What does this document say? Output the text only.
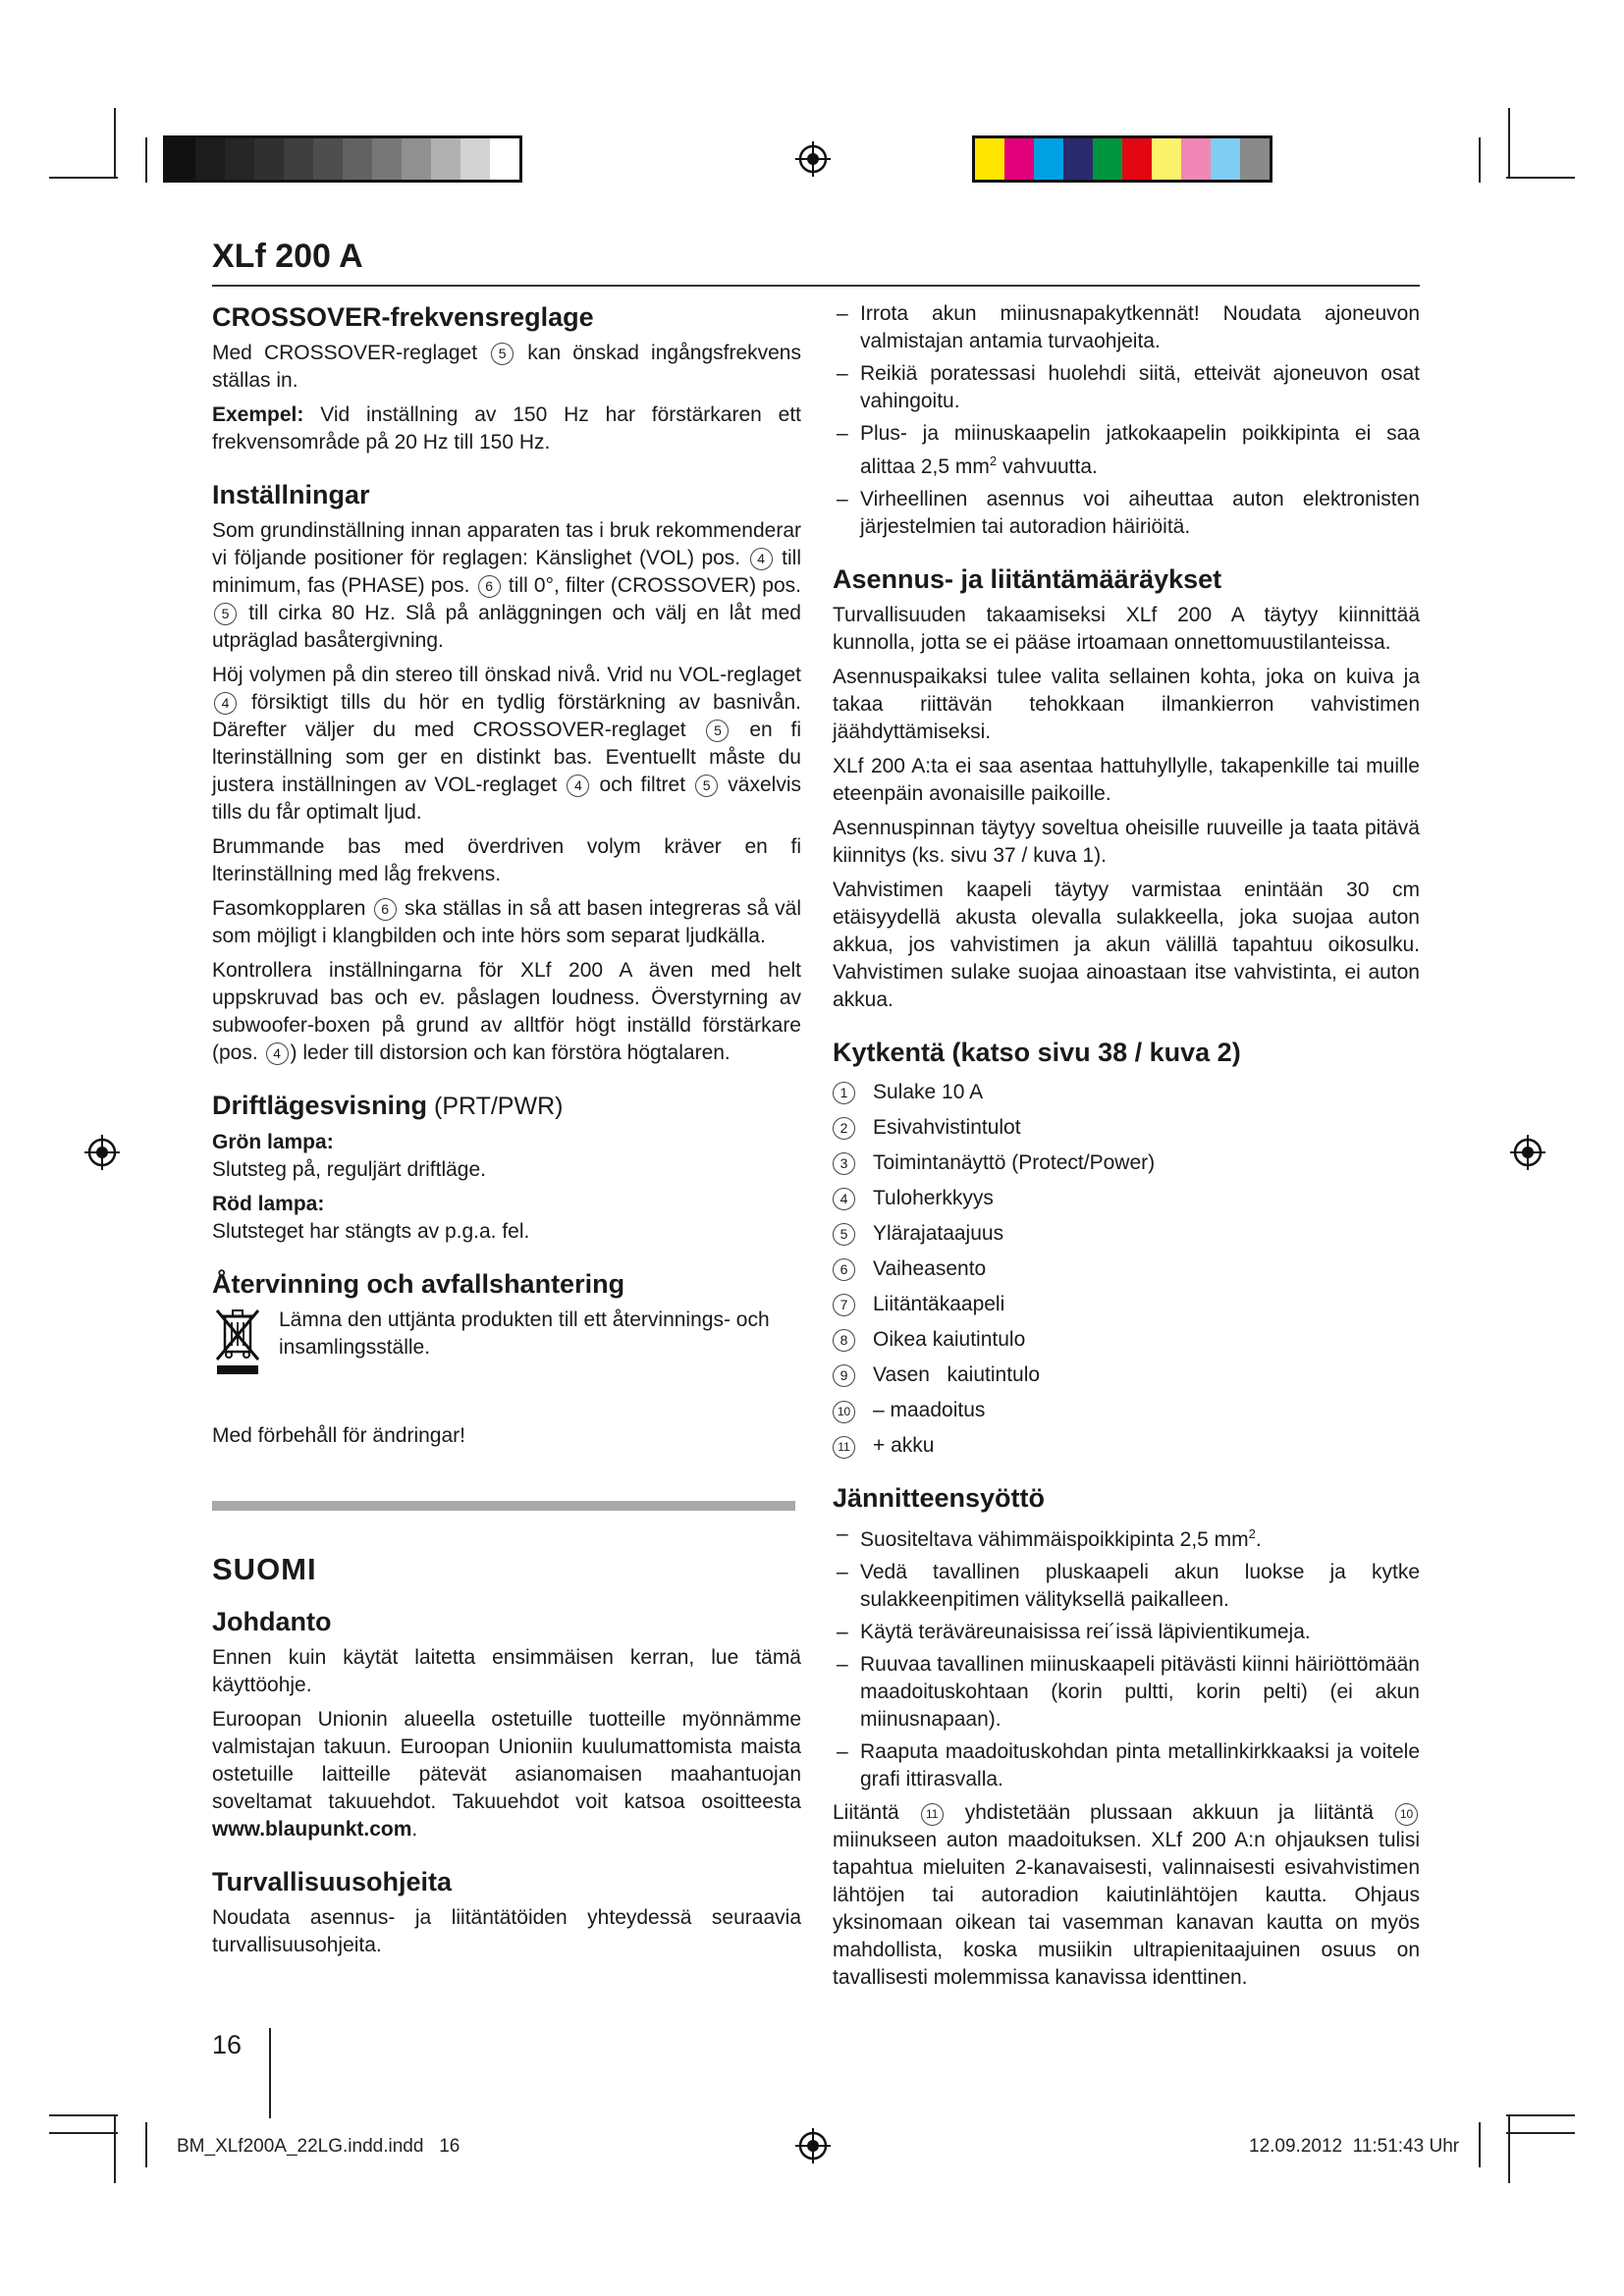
XLf 200 A
CROSSOVER-frekvensreglage

Med CROSSOVER-reglaget 5 kan önskad ingångsfrekvens ställas in.

Exempel: Vid inställning av 150 Hz har förstärkaren ett frekvensområde på 20 Hz till 150 Hz.

Inställningar

Som grundinställning innan apparaten tas i bruk rekommenderar vi följande positioner för reglagen: Känslighet (VOL) pos. 4 till minimum, fas (PHASE) pos. 6 till 0°, filter (CROSSOVER) pos. 5 till cirka 80 Hz. Slå på anläggningen och välj en låt med utpräglad basåtergivning.

Höj volymen på din stereo till önskad nivå. Vrid nu VOL-reglaget 4 försiktigt tills du hör en tydlig förstärkning av basnivån. Därefter väljer du med CROSSOVER-reglaget 5 en fi lterinställning som ger en distinkt bas. Eventuellt måste du justera inställningen av VOL-reglaget 4 och filtret 5 växelvis tills du får optimalt ljud.

Brummande bas med överdriven volym kräver en fi lterinställning med låg frekvens.

Fasomkopplaren 6 ska ställas in så att basen integreras så väl som möjligt i klangbilden och inte hörs som separat ljudkälla.

Kontrollera inställningarna för XLf 200 A även med helt uppskruvad bas och ev. påslagen loudness. Överstyrning av subwoofer-boxen på grund av alltför högt inställd förstärkare (pos. 4 ) leder till distorsion och kan förstöra högtalaren.

Driftlägesvisning (PRT/PWR)

Grön lampa:

Slutsteg på, reguljärt driftläge.

Röd lampa:

Slutsteget har stängts av p.g.a. fel.

Återvinning och avfallshantering

Lämna den uttjänta produkten till ett återvinnings- och insamlingsställe.

Med förbehåll för ändringar!

SUOMI
Johdanto

Ennen kuin käytät laitetta ensimmäisen kerran, lue tämä käyttöohje.

Euroopan Unionin alueella ostetuille tuotteille myönnämme valmistajan takuun. Euroopan Unioniin kuulumattomista maista ostetuille laitteille pätevät asianomaisen maahantuojan soveltamat takuuehdot. Takuuehdot voit katsoa osoitteesta www.blaupunkt.com.

Turvallisuusohjeita

Noudata asennus- ja liitäntätöiden yhteydessä seuraavia turvallisuusohjeita.

– Irrota akun miinusnapakytkennät! Noudata ajoneuvon valmistajan antamia turvaohjeita.
– Reikiä poratessasi huolehdi siitä, etteivät ajoneuvon osat vahingoitu.
– Plus- ja miinuskaapelin jatkokaapelin poikkipinta ei saa alittaa 2,5 $mm^2$ vahvuutta.
– Virheellinen asennus voi aiheuttaa auton elektronisten järjestelmien tai autoradion häiriöitä.
Asennus- ja liitäntämääräykset

Turvallisuuden takaamiseksi XLf 200 A täytyy kiinnittää kunnolla, jotta se ei pääse irtoamaan onnettomuustilanteissa.

Asennuspaikaksi tulee valita sellainen kohta, joka on kuiva ja takaa riittävän tehokkaan ilmankierron vahvistimen jäähdyttämiseksi.

XLf 200 A:ta ei saa asentaa hattuhyllylle, takapenkille tai muille eteenpäin avonaisille paikoille.

Asennuspinnan täytyy soveltua oheisille ruuveille ja taata pitävä kiinnitys (ks. sivu 37 / kuva 1).

Vahvistimen kaapeli täytyy varmistaa enintään 30 cm etäisyydellä akusta olevalla sulakkeella, joka suojaa auton akkua, jos vahvistimen ja akun välillä tapahtuu oikosulku. Vahvistimen sulake suojaa ainoastaan itse vahvistinta, ei auton akkua.

Kytkentä (katso sivu 38 / kuva 2)
1 Sulake 10 A
2 Esivahvistintulot
3 Toimintanäyttö (Protect/Power)
4 Tuloherkkyys
5 Ylärajataajuus
6 Vaiheasento
7 Liitäntäkaapeli
8 Oikea kaiutintulo
9 Vasen   kaiutintulo
10 – maadoitus
11 + akku
Jännitteensyöttö
– Suositeltava vähimmäispoikkipinta 2,5 $mm^2$.
– Vedä tavallinen pluskaapeli akun luokse ja kytke sulakkeenpitimen välityksellä paikalleen.
– Käytä teräväreunaisissa rei´issä läpivientikumeja.
– Ruuvaa tavallinen miinuskaapeli pitävästi kiinni häiriöttömään maadoituskohtaan (korin pultti, korin pelti) (ei akun miinusnapaan).
– Raaputa maadoituskohdan pinta metallinkirkkaaksi ja voitele grafi ittirasvalla.

Liitäntä 11 yhdistetään plussaan akkuun ja liitäntä 10 miinukseen auton maadoituksen. XLf 200 A:n ohjauksen tulisi tapahtua mieluiten 2-kanavaisesti, valinnaisesti esivahvistimen lähtöjen tai autoradion kaiutinlähtöjen kautta. Ohjaus yksinomaan oikean tai vasemman kanavan kautta on myös mahdollista, koska musiikin ultrapienitaajuinen osuus on tavallisesti molemmissa kanavissa identtinen.

16
BM_XLf200A_22LG.indd.indd   16	12.09.2012 11:51:43 Uhr
